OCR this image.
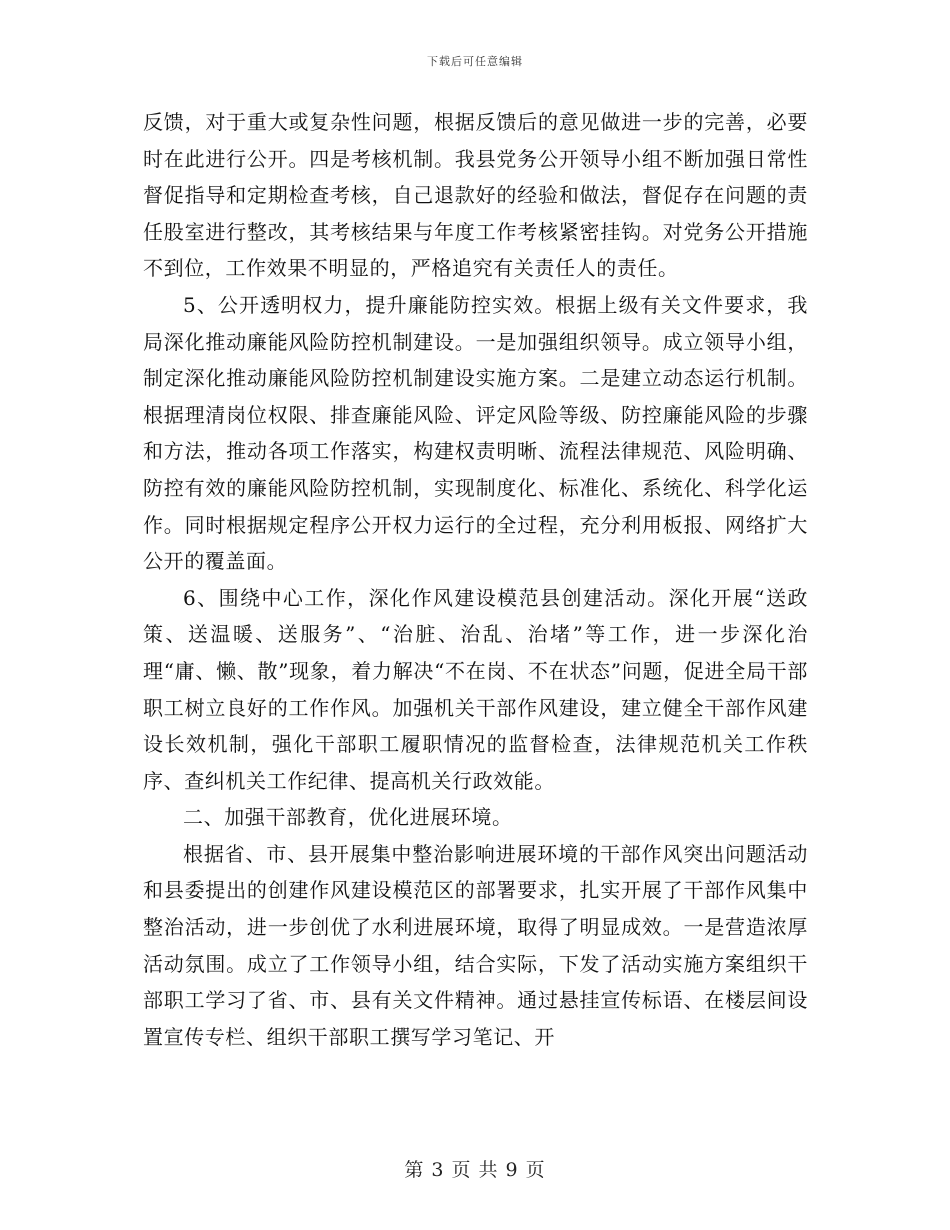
下载后可任意编辑

反馈，对于重大或复杂性问题，根据反馈后的意见做进一步的完善，必要时在此进行公开。四是考核机制。我县党务公开领导小组不断加强日常性督促指导和定期检查考核，自己退款好的经验和做法，督促存在问题的责任股室进行整改，其考核结果与年度工作考核紧密挂钩。对党务公开措施不到位，工作效果不明显的，严格追究有关责任人的责任。

5、公开透明权力，提升廉能防控实效。根据上级有关文件要求，我局深化推动廉能风险防控机制建设。一是加强组织领导。成立领导小组，制定深化推动廉能风险防控机制建设实施方案。二是建立动态运行机制。根据理清岗位权限、排查廉能风险、评定风险等级、防控廉能风险的步骤和方法，推动各项工作落实，构建权责明晰、流程法律规范、风险明确、防控有效的廉能风险防控机制，实现制度化、标准化、系统化、科学化运作。同时根据规定程序公开权力运行的全过程，充分利用板报、网络扩大公开的覆盖面。

6、围绕中心工作，深化作风建设模范县创建活动。深化开展“送政策、送温暖、送服务”、“治脏、治乱、治堵”等工作，进一步深化治理“庸、懒、散”现象，着力解决“不在岗、不在状态”问题，促进全局干部职工树立良好的工作作风。加强机关干部作风建设，建立健全干部作风建设长效机制，强化干部职工履职情况的监督检查，法律规范机关工作秩序、查纠机关工作纪律、提高机关行政效能。

二、加强干部教育，优化进展环境。

根据省、市、县开展集中整治影响进展环境的干部作风突出问题活动和县委提出的创建作风建设模范区的部署要求，扎实开展了干部作风集中整治活动，进一步创优了水利进展环境，取得了明显成效。一是营造浓厚活动氛围。成立了工作领导小组，结合实际，下发了活动实施方案组织干部职工学习了省、市、县有关文件精神。通过悬挂宣传标语、在楼层间设置宣传专栏、组织干部职工撰写学习笔记、开

第 3 页 共 9 页
